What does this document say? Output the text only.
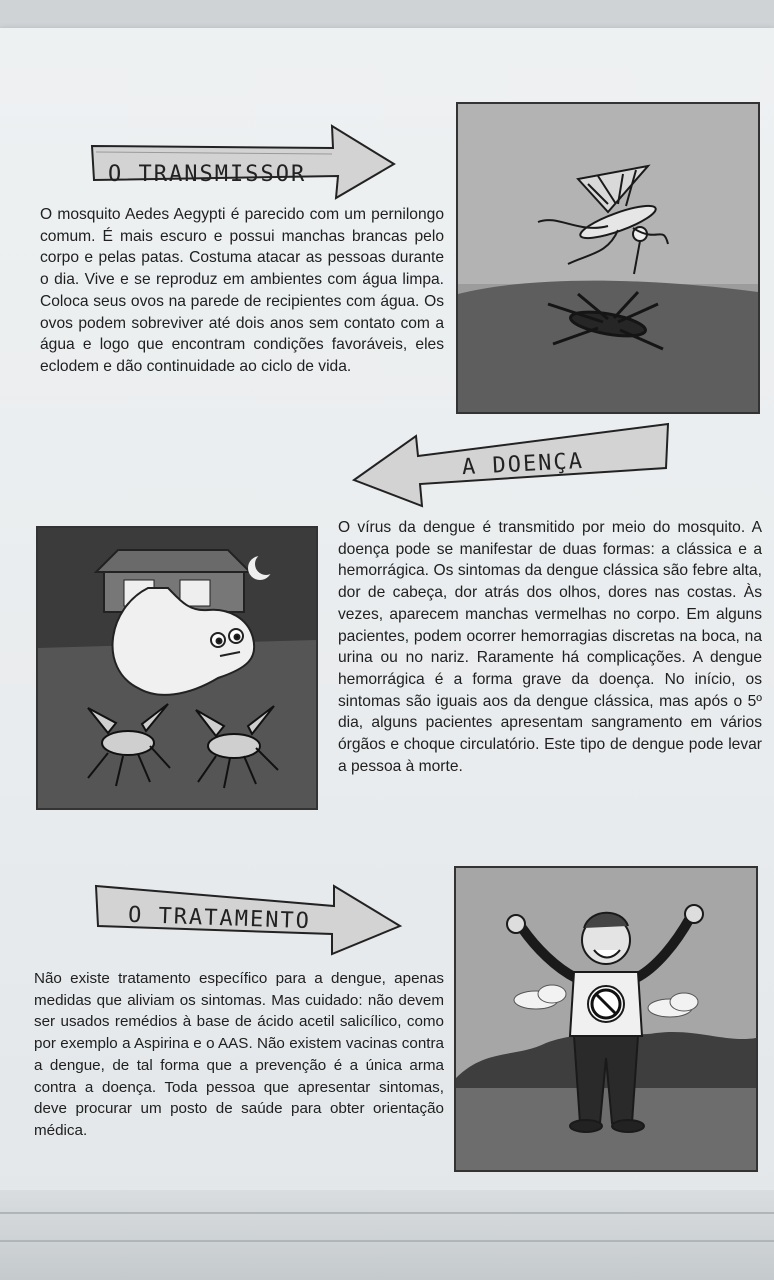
O TRANSMISSOR

O mosquito Aedes Aegypti é parecido com um pernilongo comum. É mais escuro e possui manchas brancas pelo corpo e pelas patas. Costuma atacar as pessoas durante o dia. Vive e se reproduz em ambientes com água limpa. Coloca seus ovos na parede de recipientes com água. Os ovos podem sobreviver até dois anos sem contato com a água e logo que encontram condições favoráveis, eles eclodem e dão continuidade ao ciclo de vida.

A DOENÇA

O vírus da dengue é transmitido por meio do mosquito. A doença pode se manifestar de duas formas: a clássica e a hemorrágica. Os sintomas da dengue clássica são febre alta, dor de cabeça, dor atrás dos olhos, dores nas costas. Às vezes, aparecem manchas vermelhas no corpo. Em alguns pacientes, podem ocorrer hemorragias discretas na boca, na urina ou no nariz. Raramente há complicações. A dengue hemorrágica é a forma grave da doença. No início, os sintomas são iguais aos da dengue clássica, mas após o 5º dia, alguns pacientes apresentam sangramento em vários órgãos e choque circulatório. Este tipo de dengue pode levar a pessoa à morte.

O TRATAMENTO

Não existe tratamento específico para a dengue, apenas medidas que aliviam os sintomas. Mas cuidado: não devem ser usados remédios à base de ácido acetil salicílico, como por exemplo a Aspirina e o AAS. Não existem vacinas contra a dengue, de tal forma que a prevenção é a única arma contra a doença. Toda pessoa que apresentar sintomas, deve procurar um posto de saúde para obter orientação médica.
